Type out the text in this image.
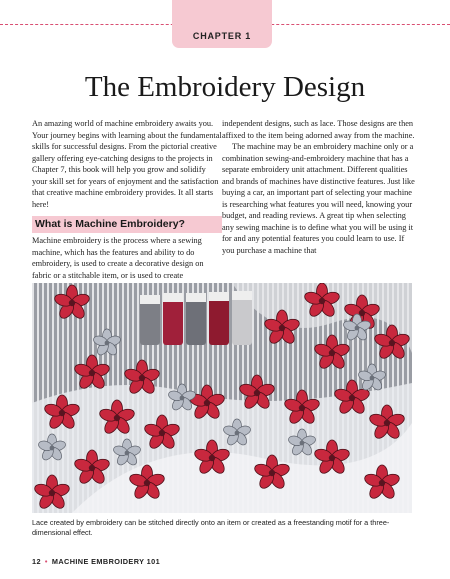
CHAPTER 1
The Embroidery Design

An amazing world of machine embroidery awaits you. Your journey begins with learning about the fundamental skills for successful designs. From the pictorial creative gallery offering eye-catching designs to the projects in Chapter 7, this book will help you grow and solidify your skill set for years of enjoyment and the satisfaction that creative machine embroidery provides. It all starts here!

What is Machine Embroidery?

Machine embroidery is the process where a sewing machine, which has the features and ability to do embroidery, is used to create a decorative design on fabric or a stitchable item, or is used to create

independent designs, such as lace. Those designs are then affixed to the item being adorned away from the machine.

The machine may be an embroidery machine only or a combination sewing-and-embroidery machine that has a separate embroidery unit attachment. Different qualities and brands of machines have distinctive features. Just like buying a car, an important part of selecting your machine is researching what features you will need, knowing your budget, and reading reviews. A great tip when selecting any sewing machine is to define what you will be using it for and any potential features you could learn to use. If you purchase a machine that

Lace created by embroidery can be stitched directly onto an item or created as a freestanding motif for a three-dimensional effect.

12 • MACHINE EMBROIDERY 101
